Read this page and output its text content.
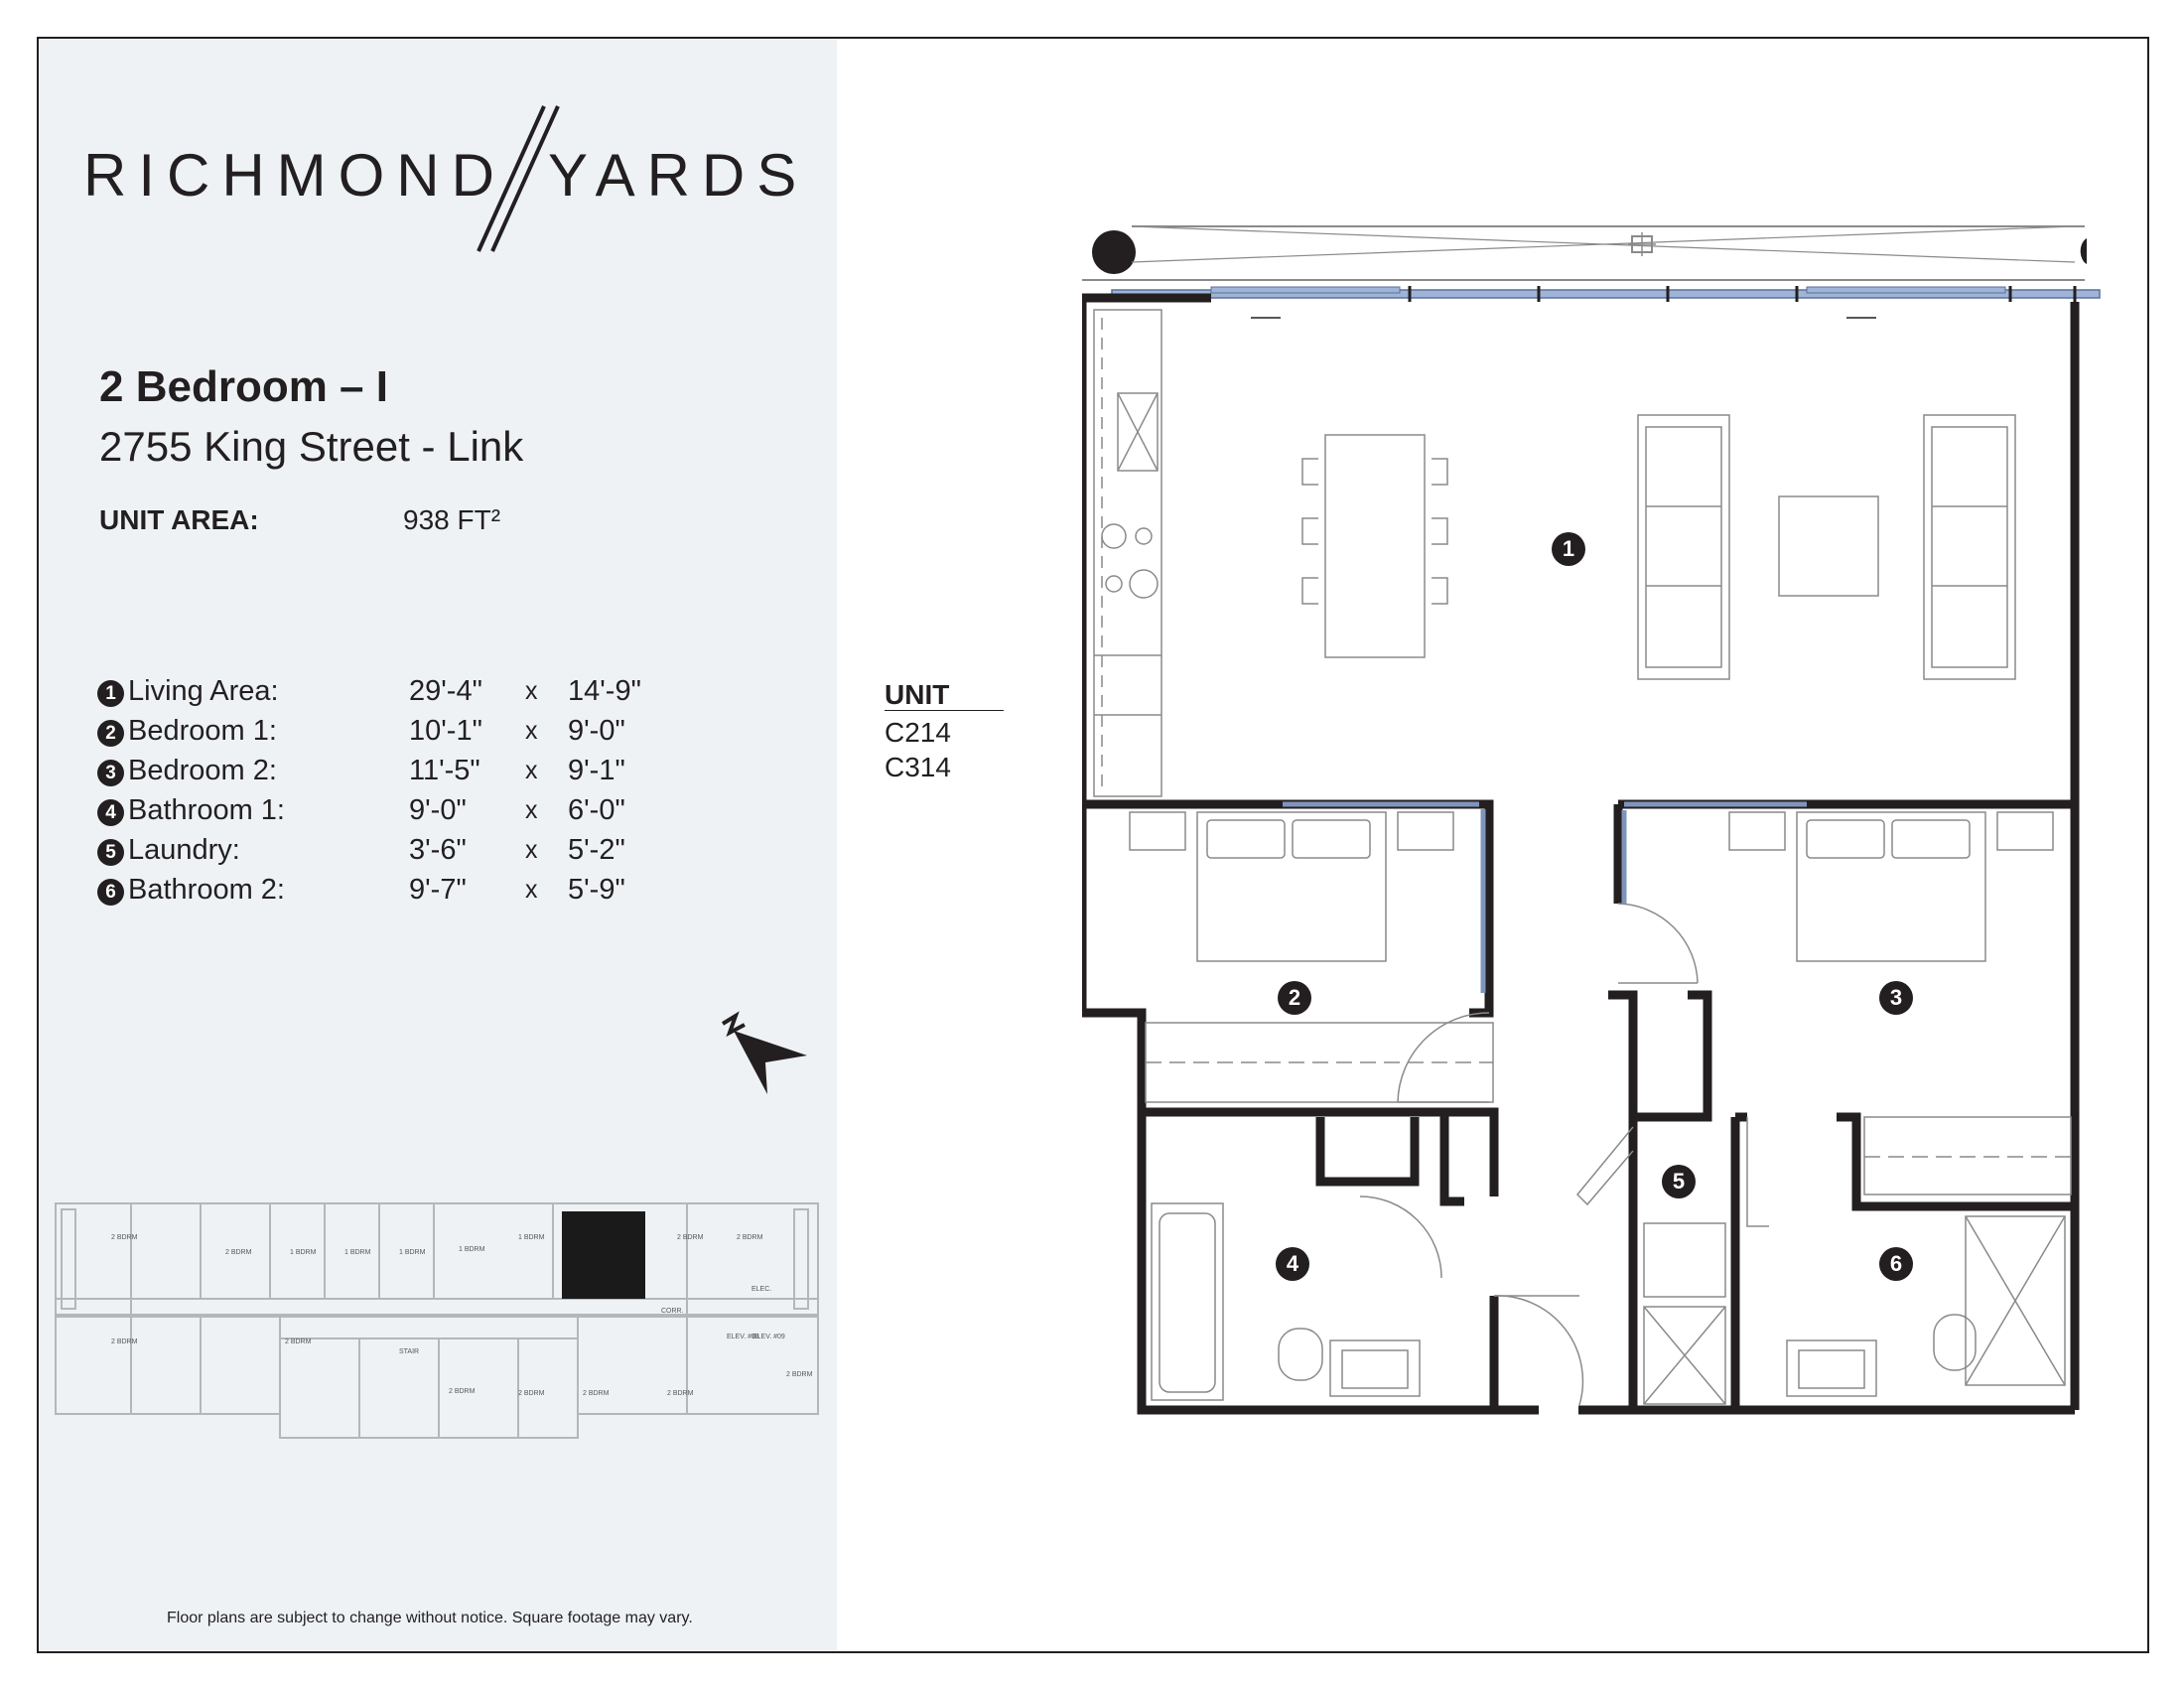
RICHMOND YARDS
2 Bedroom – I
2755 King Street - Link
UNIT AREA:	938 FT²
1 Living Area:	29'-4" x 14'-9"
2 Bedroom 1:	10'-1" x 9'-0"
3 Bedroom 2:	11'-5" x 9'-1"
4 Bathroom 1:	9'-0" x 6'-0"
5 Laundry:	3'-6" x 5'-2"
6 Bathroom 2:	9'-7" x 5'-9"
2 BDRM
2 BDRM	1 BDRM	1 BDRM	1 BDRM	1 BDRM
1 BDRM	2 BDRM	2 BDRM
2 BDRM	2 BDRM
2 BDRM	2 BDRM	2 BDRM	2 BDRM
2 BDRM
CORR.
ELEC.
ELEV. #08
ELEV. #09
STAIR
Floor plans are subject to change without notice. Square footage may vary.
UNIT
C214
C314
1
2	3
4
5
6
